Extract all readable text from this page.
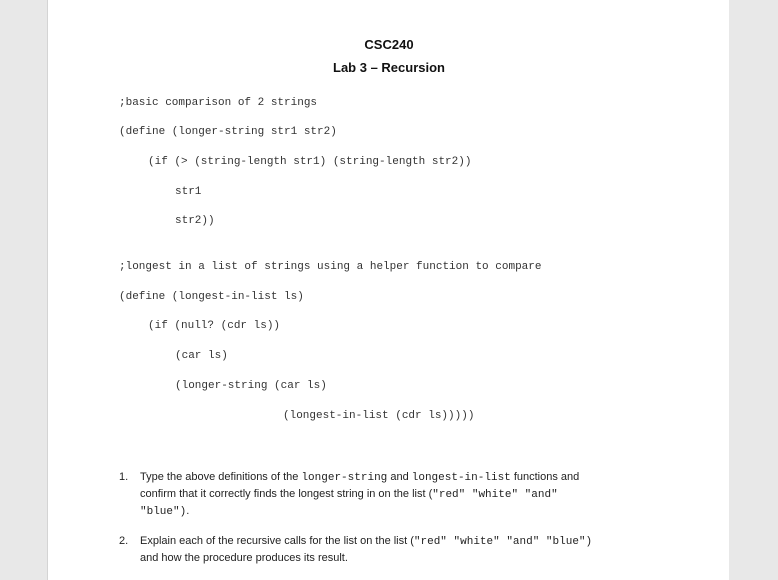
CSC240
Lab 3 – Recursion
;basic comparison of 2 strings
(define (longer-string str1 str2)
(if (> (string-length str1) (string-length str2))
str1
str2))
;longest in a list of strings using a helper function to compare
(define (longest-in-list ls)
(if (null? (cdr ls))
(car ls)
(longer-string (car ls)
(longest-in-list (cdr ls)))))
1. Type the above definitions of the longer-string and longest-in-list functions and
confirm that it correctly finds the longest string in on the list ("red" "white" "and"
"blue").
2. Explain each of the recursive calls for the list on the list ("red" "white" "and" "blue")
and how the procedure produces its result.
